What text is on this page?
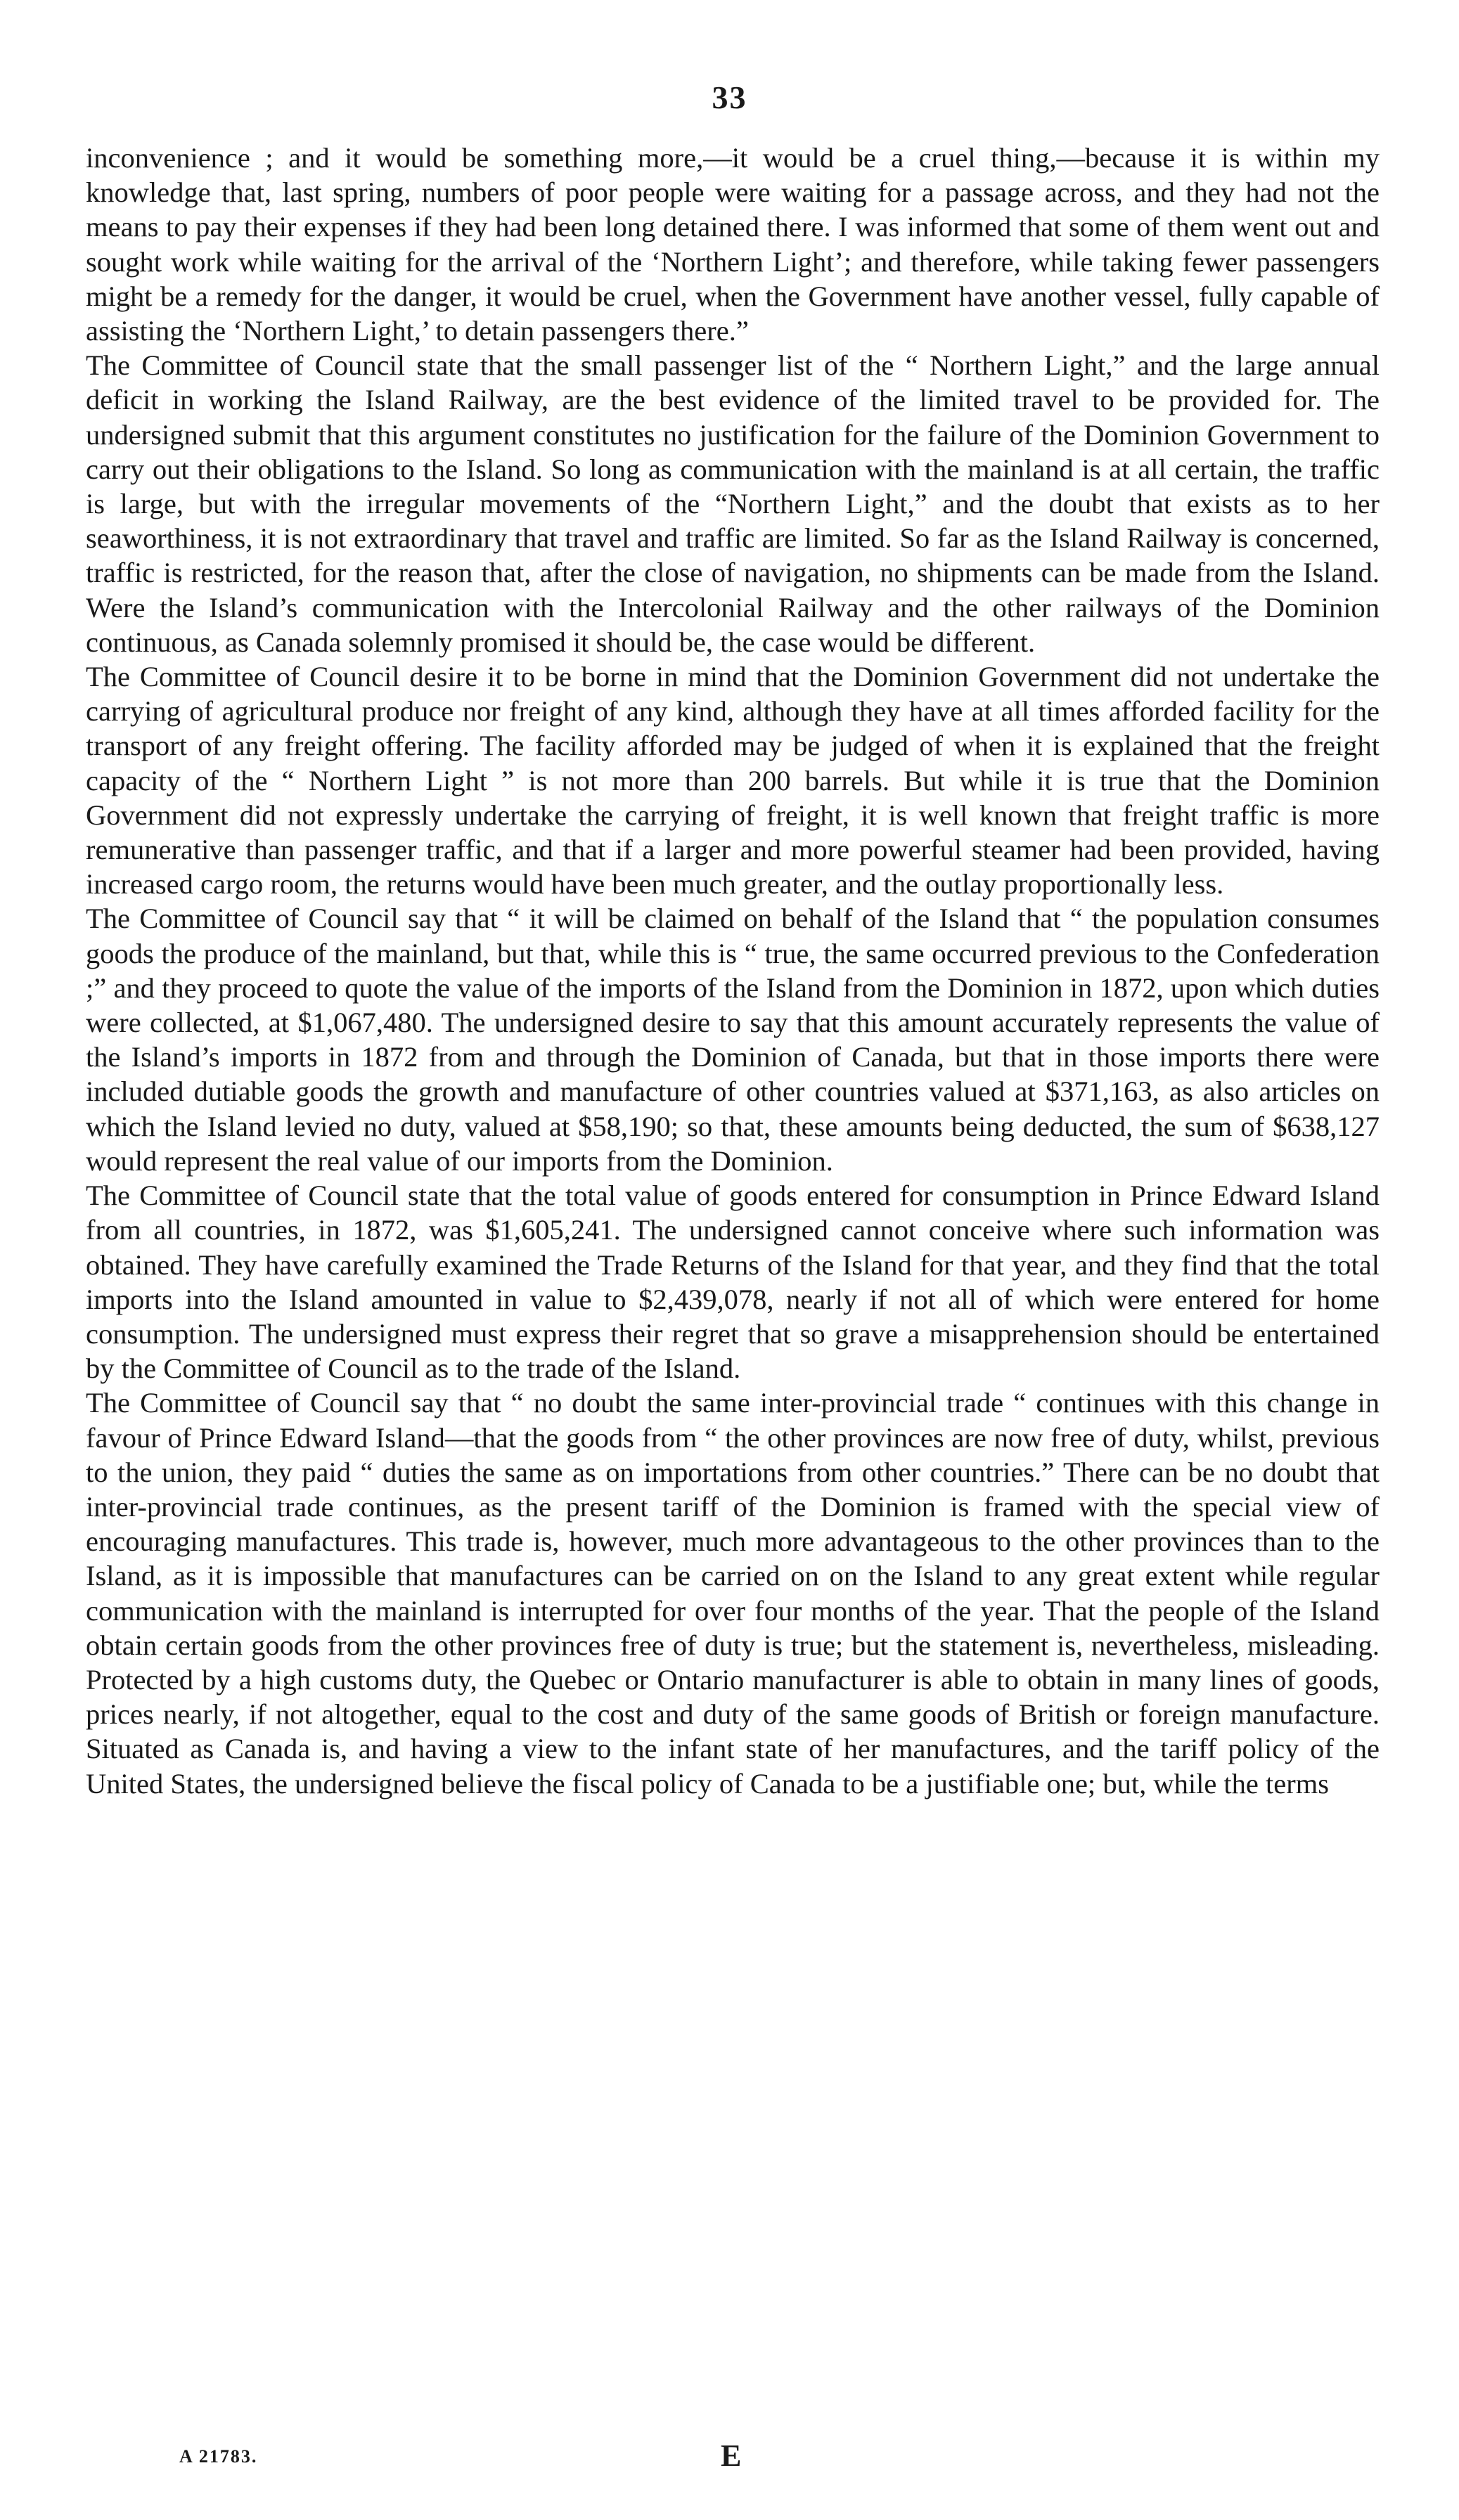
33

inconvenience ; and it would be something more,—it would be a cruel thing,—because it is within my knowledge that, last spring, numbers of poor people were waiting for a passage across, and they had not the means to pay their expenses if they had been long detained there. I was informed that some of them went out and sought work while waiting for the arrival of the ‘Northern Light’; and therefore, while taking fewer passengers might be a remedy for the danger, it would be cruel, when the Government have another vessel, fully capable of assisting the ‘Northern Light,’ to detain passengers there.”

The Committee of Council state that the small passenger list of the “ Northern Light,” and the large annual deficit in working the Island Railway, are the best evidence of the limited travel to be provided for. The undersigned submit that this argument constitutes no justification for the failure of the Dominion Government to carry out their obligations to the Island. So long as communication with the mainland is at all certain, the traffic is large, but with the irregular movements of the “Northern Light,” and the doubt that exists as to her seaworthiness, it is not extraordinary that travel and traffic are limited. So far as the Island Railway is concerned, traffic is restricted, for the reason that, after the close of navigation, no shipments can be made from the Island. Were the Island’s communication with the Intercolonial Railway and the other railways of the Dominion continuous, as Canada solemnly promised it should be, the case would be different.

The Committee of Council desire it to be borne in mind that the Dominion Government did not undertake the carrying of agricultural produce nor freight of any kind, although they have at all times afforded facility for the transport of any freight offering. The facility afforded may be judged of when it is explained that the freight capacity of the “ Northern Light ” is not more than 200 barrels. But while it is true that the Dominion Government did not expressly undertake the carrying of freight, it is well known that freight traffic is more remunerative than passenger traffic, and that if a larger and more powerful steamer had been provided, having increased cargo room, the returns would have been much greater, and the outlay proportionally less.

The Committee of Council say that “ it will be claimed on behalf of the Island that “ the population consumes goods the produce of the mainland, but that, while this is “ true, the same occurred previous to the Confederation ;” and they proceed to quote the value of the imports of the Island from the Dominion in 1872, upon which duties were collected, at $1,067,480. The undersigned desire to say that this amount accurately represents the value of the Island’s imports in 1872 from and through the Dominion of Canada, but that in those imports there were included dutiable goods the growth and manufacture of other countries valued at $371,163, as also articles on which the Island levied no duty, valued at $58,190; so that, these amounts being deducted, the sum of $638,127 would represent the real value of our imports from the Dominion.

The Committee of Council state that the total value of goods entered for consumption in Prince Edward Island from all countries, in 1872, was $1,605,241. The undersigned cannot conceive where such information was obtained. They have carefully examined the Trade Returns of the Island for that year, and they find that the total imports into the Island amounted in value to $2,439,078, nearly if not all of which were entered for home consumption. The undersigned must express their regret that so grave a misapprehension should be entertained by the Committee of Council as to the trade of the Island.

The Committee of Council say that “ no doubt the same inter-provincial trade “ continues with this change in favour of Prince Edward Island—that the goods from “ the other provinces are now free of duty, whilst, previous to the union, they paid “ duties the same as on importations from other countries.” There can be no doubt that inter-provincial trade continues, as the present tariff of the Dominion is framed with the special view of encouraging manufactures. This trade is, however, much more advantageous to the other provinces than to the Island, as it is impossible that manufactures can be carried on on the Island to any great extent while regular communication with the mainland is interrupted for over four months of the year. That the people of the Island obtain certain goods from the other provinces free of duty is true; but the statement is, nevertheless, misleading. Protected by a high customs duty, the Quebec or Ontario manufacturer is able to obtain in many lines of goods, prices nearly, if not altogether, equal to the cost and duty of the same goods of British or foreign manufacture. Situated as Canada is, and having a view to the infant state of her manufactures, and the tariff policy of the United States, the undersigned believe the fiscal policy of Canada to be a justifiable one; but, while the terms

A 21783.	E
